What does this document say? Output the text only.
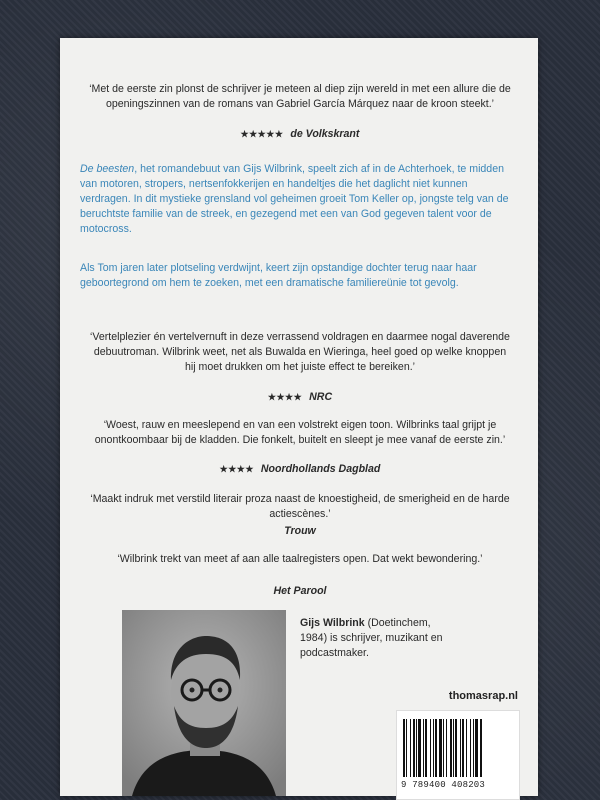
‘Met de eerste zin plonst de schrijver je meteen al diep zijn wereld in met een allure die de openingszinnen van de romans van Gabriel García Márquez naar de kroon steekt.’

★★★★★ de Volkskrant

De beesten, het romandebuut van Gijs Wilbrink, speelt zich af in de Achterhoek, te midden van motoren, stropers, nertsenfokkerijen en handeltjes die het daglicht niet kunnen verdragen. In dit mystieke grensland vol geheimen groeit Tom Keller op, jongste telg van de beruchtste familie van de streek, en gezegend met een van God gegeven talent voor de motocross.

Als Tom jaren later plotseling verdwijnt, keert zijn opstandige dochter terug naar haar geboortegrond om hem te zoeken, met een dramatische familiereünie tot gevolg.

‘Vertelplezier én vertelvernuft in deze verrassend voldragen en daarmee nogal daverende debuutroman. Wilbrink weet, net als Buwalda en Wieringa, heel goed op welke knoppen hij moet drukken om het juiste effect te bereiken.’

★★★★ NRC

‘Woest, rauw en meeslepend en van een volstrekt eigen toon. Wilbrinks taal grijpt je onontkoombaar bij de kladden. Die fonkelt, buitelt en sleept je mee vanaf de eerste zin.’

★★★★ Noordhollands Dagblad

‘Maakt indruk met verstild literair proza naast de knoestigheid, de smerigheid en de harde actiescènes.’

Trouw

‘Wilbrink trekt van meet af aan alle taalregisters open. Dat wekt bewondering.’

Het Parool

Gijs Wilbrink (Doetinchem, 1984) is schrijver, muzikant en podcastmaker.

thomasrap.nl

9 789400 408203
